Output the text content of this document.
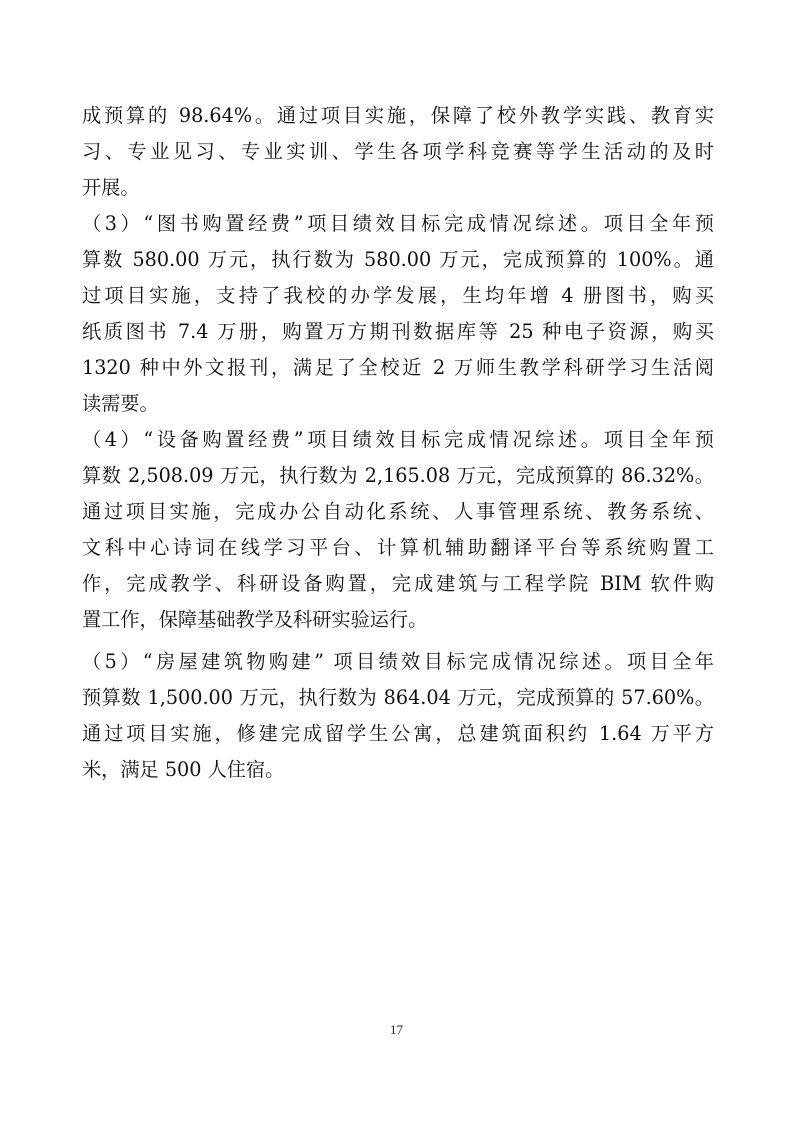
成预算的 98.64%。通过项目实施，保障了校外教学实践、教育实
习、专业见习、专业实训、学生各项学科竞赛等学生活动的及时
开展。
（3）“图书购置经费”项目绩效目标完成情况综述。项目全年预
算数 580.00 万元，执行数为 580.00 万元，完成预算的 100%。通
过项目实施，支持了我校的办学发展，生均年增 4 册图书，购买
纸质图书 7.4 万册，购置万方期刊数据库等 25 种电子资源，购买
1320 种中外文报刊，满足了全校近 2 万师生教学科研学习生活阅
读需要。
（4）“设备购置经费”项目绩效目标完成情况综述。项目全年预
算数 2,508.09 万元，执行数为 2,165.08 万元，完成预算的 86.32%。
通过项目实施，完成办公自动化系统、人事管理系统、教务系统、
文科中心诗词在线学习平台、计算机辅助翻译平台等系统购置工
作，完成教学、科研设备购置，完成建筑与工程学院 BIM 软件购
置工作，保障基础教学及科研实验运行。
（5）“房屋建筑物购建” 项目绩效目标完成情况综述。项目全年
预算数 1,500.00 万元，执行数为 864.04 万元，完成预算的 57.60%。
通过项目实施，修建完成留学生公寓，总建筑面积约 1.64 万平方
米，满足 500 人住宿。
17
